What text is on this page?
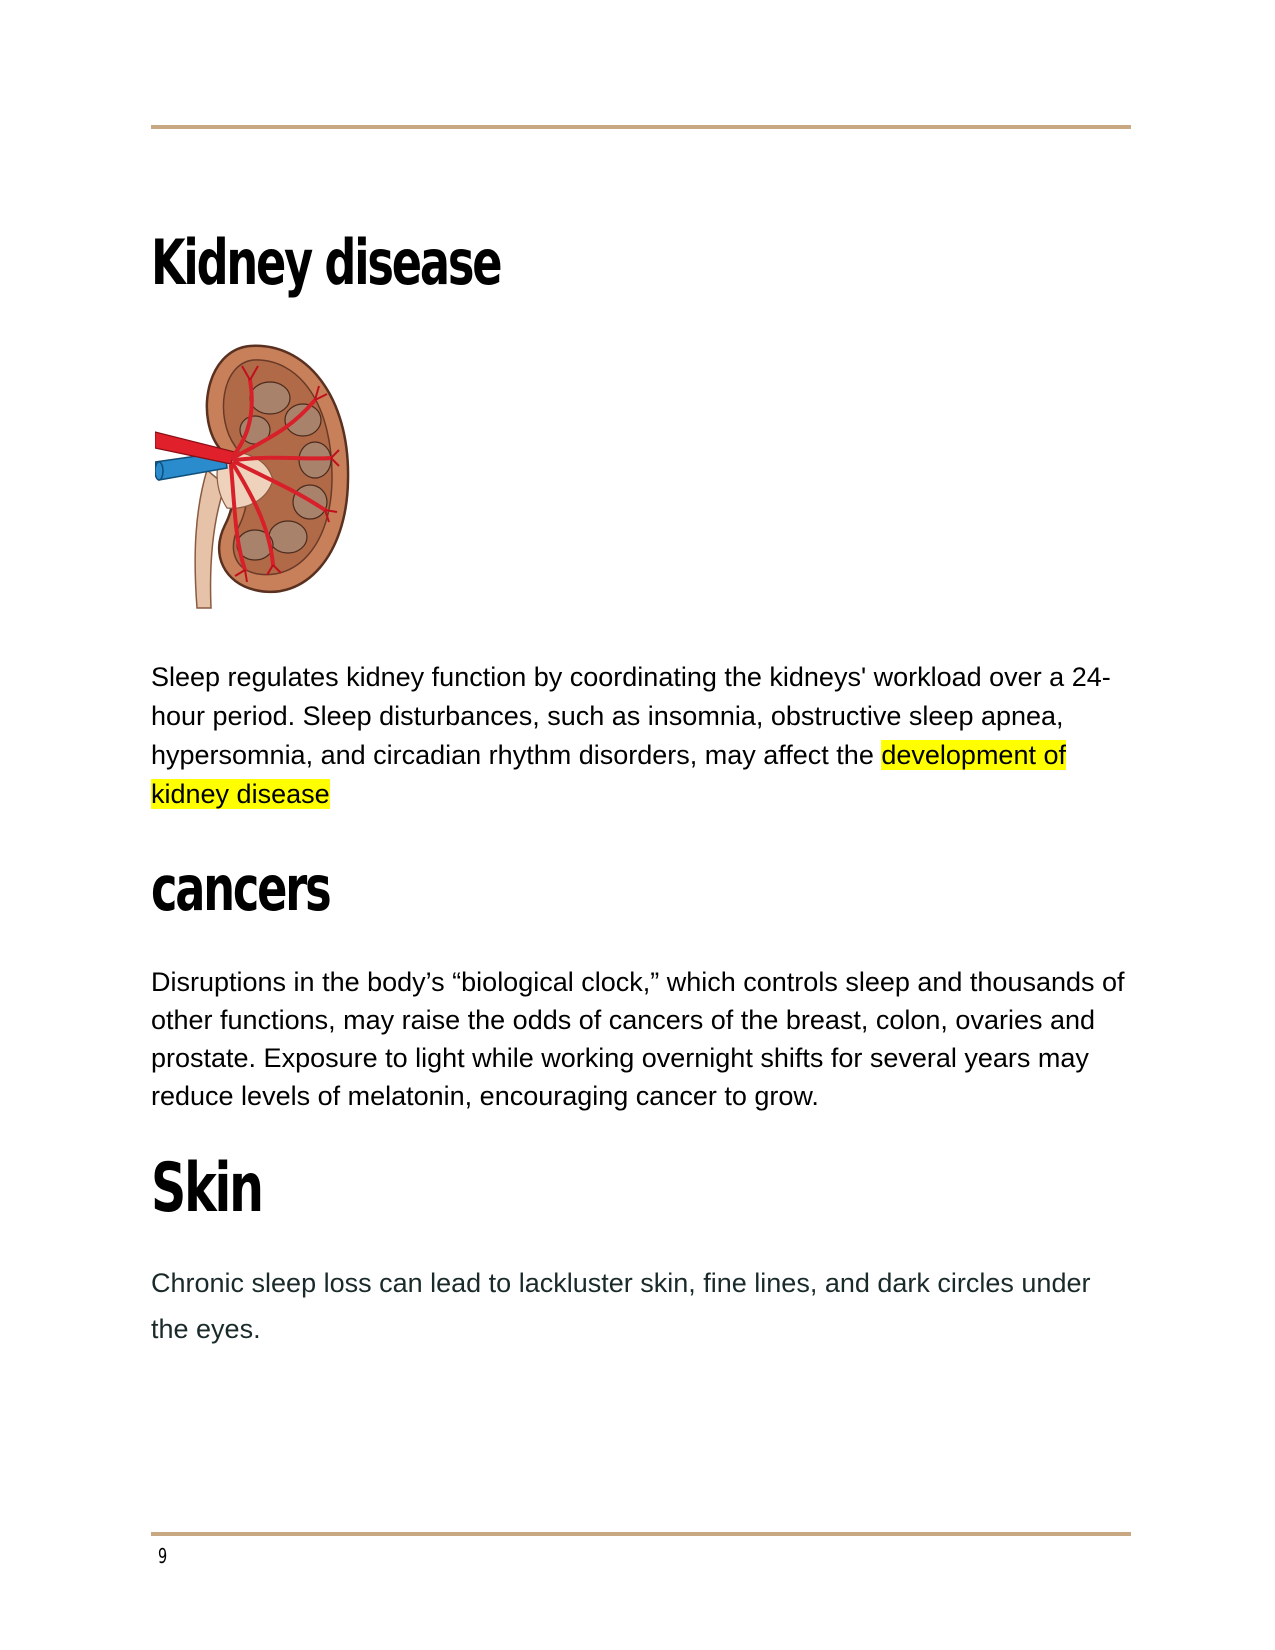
Kidney disease

Sleep regulates kidney function by coordinating the kidneys' workload over a 24-hour period. Sleep disturbances, such as insomnia, obstructive sleep apnea, hypersomnia, and circadian rhythm disorders, may affect the development of kidney disease

cancers

Disruptions in the body’s “biological clock,” which controls sleep and thousands of other functions, may raise the odds of cancers of the breast, colon, ovaries and prostate. Exposure to light while working overnight shifts for several years may reduce levels of melatonin, encouraging cancer to grow.

Skin

Chronic sleep loss can lead to lackluster skin, fine lines, and dark circles under the eyes.

9
